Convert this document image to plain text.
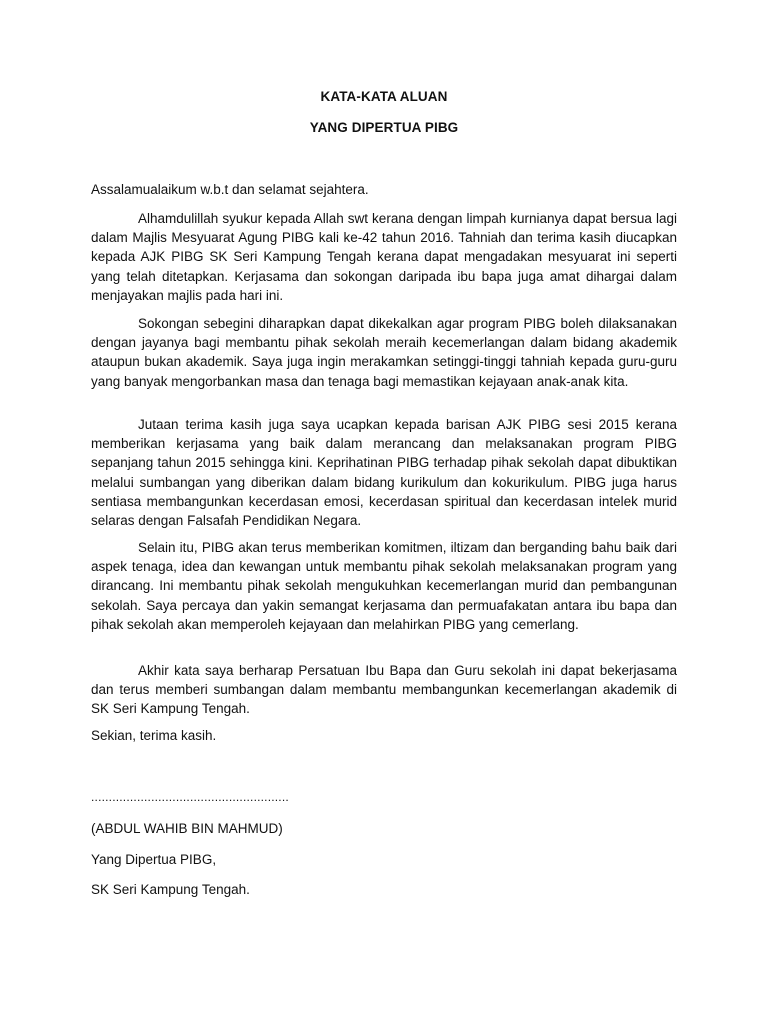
KATA-KATA ALUAN
YANG DIPERTUA PIBG

Assalamualaikum w.b.t dan selamat sejahtera.

Alhamdulillah syukur kepada Allah swt kerana dengan limpah kurnianya dapat bersua lagi dalam Majlis Mesyuarat Agung PIBG kali ke-42 tahun 2016. Tahniah dan terima kasih diucapkan kepada AJK PIBG SK Seri Kampung Tengah kerana dapat mengadakan mesyuarat ini seperti yang telah ditetapkan. Kerjasama dan sokongan daripada ibu bapa juga amat dihargai dalam menjayakan majlis pada hari ini.

Sokongan sebegini diharapkan dapat dikekalkan agar program PIBG boleh dilaksanakan dengan jayanya bagi membantu pihak sekolah meraih kecemerlangan dalam bidang akademik ataupun bukan akademik. Saya juga ingin merakamkan setinggi-tinggi tahniah kepada guru-guru yang banyak mengorbankan masa dan tenaga bagi memastikan kejayaan anak-anak kita.

Jutaan terima kasih juga saya ucapkan kepada barisan AJK PIBG sesi 2015 kerana memberikan kerjasama yang baik dalam merancang dan melaksanakan program PIBG sepanjang tahun 2015 sehingga kini. Keprihatinan PIBG terhadap pihak sekolah dapat dibuktikan melalui sumbangan yang diberikan dalam bidang kurikulum dan kokurikulum. PIBG juga harus sentiasa membangunkan kecerdasan emosi, kecerdasan spiritual dan kecerdasan intelek murid selaras dengan Falsafah Pendidikan Negara.

Selain itu, PIBG akan terus memberikan komitmen, iltizam dan berganding bahu baik dari aspek tenaga, idea dan kewangan untuk membantu pihak sekolah melaksanakan program yang dirancang. Ini membantu pihak sekolah mengukuhkan kecemerlangan murid dan pembangunan sekolah. Saya percaya dan yakin semangat kerjasama dan permuafakatan antara ibu bapa dan pihak sekolah akan memperoleh kejayaan dan melahirkan PIBG yang cemerlang.

Akhir kata saya berharap Persatuan Ibu Bapa dan Guru sekolah ini dapat bekerjasama dan terus memberi sumbangan dalam membantu membangunkan kecemerlangan akademik di SK Seri Kampung Tengah.

Sekian, terima kasih.

........................................................

(ABDUL WAHIB BIN MAHMUD)

Yang Dipertua PIBG,

SK Seri Kampung Tengah.
